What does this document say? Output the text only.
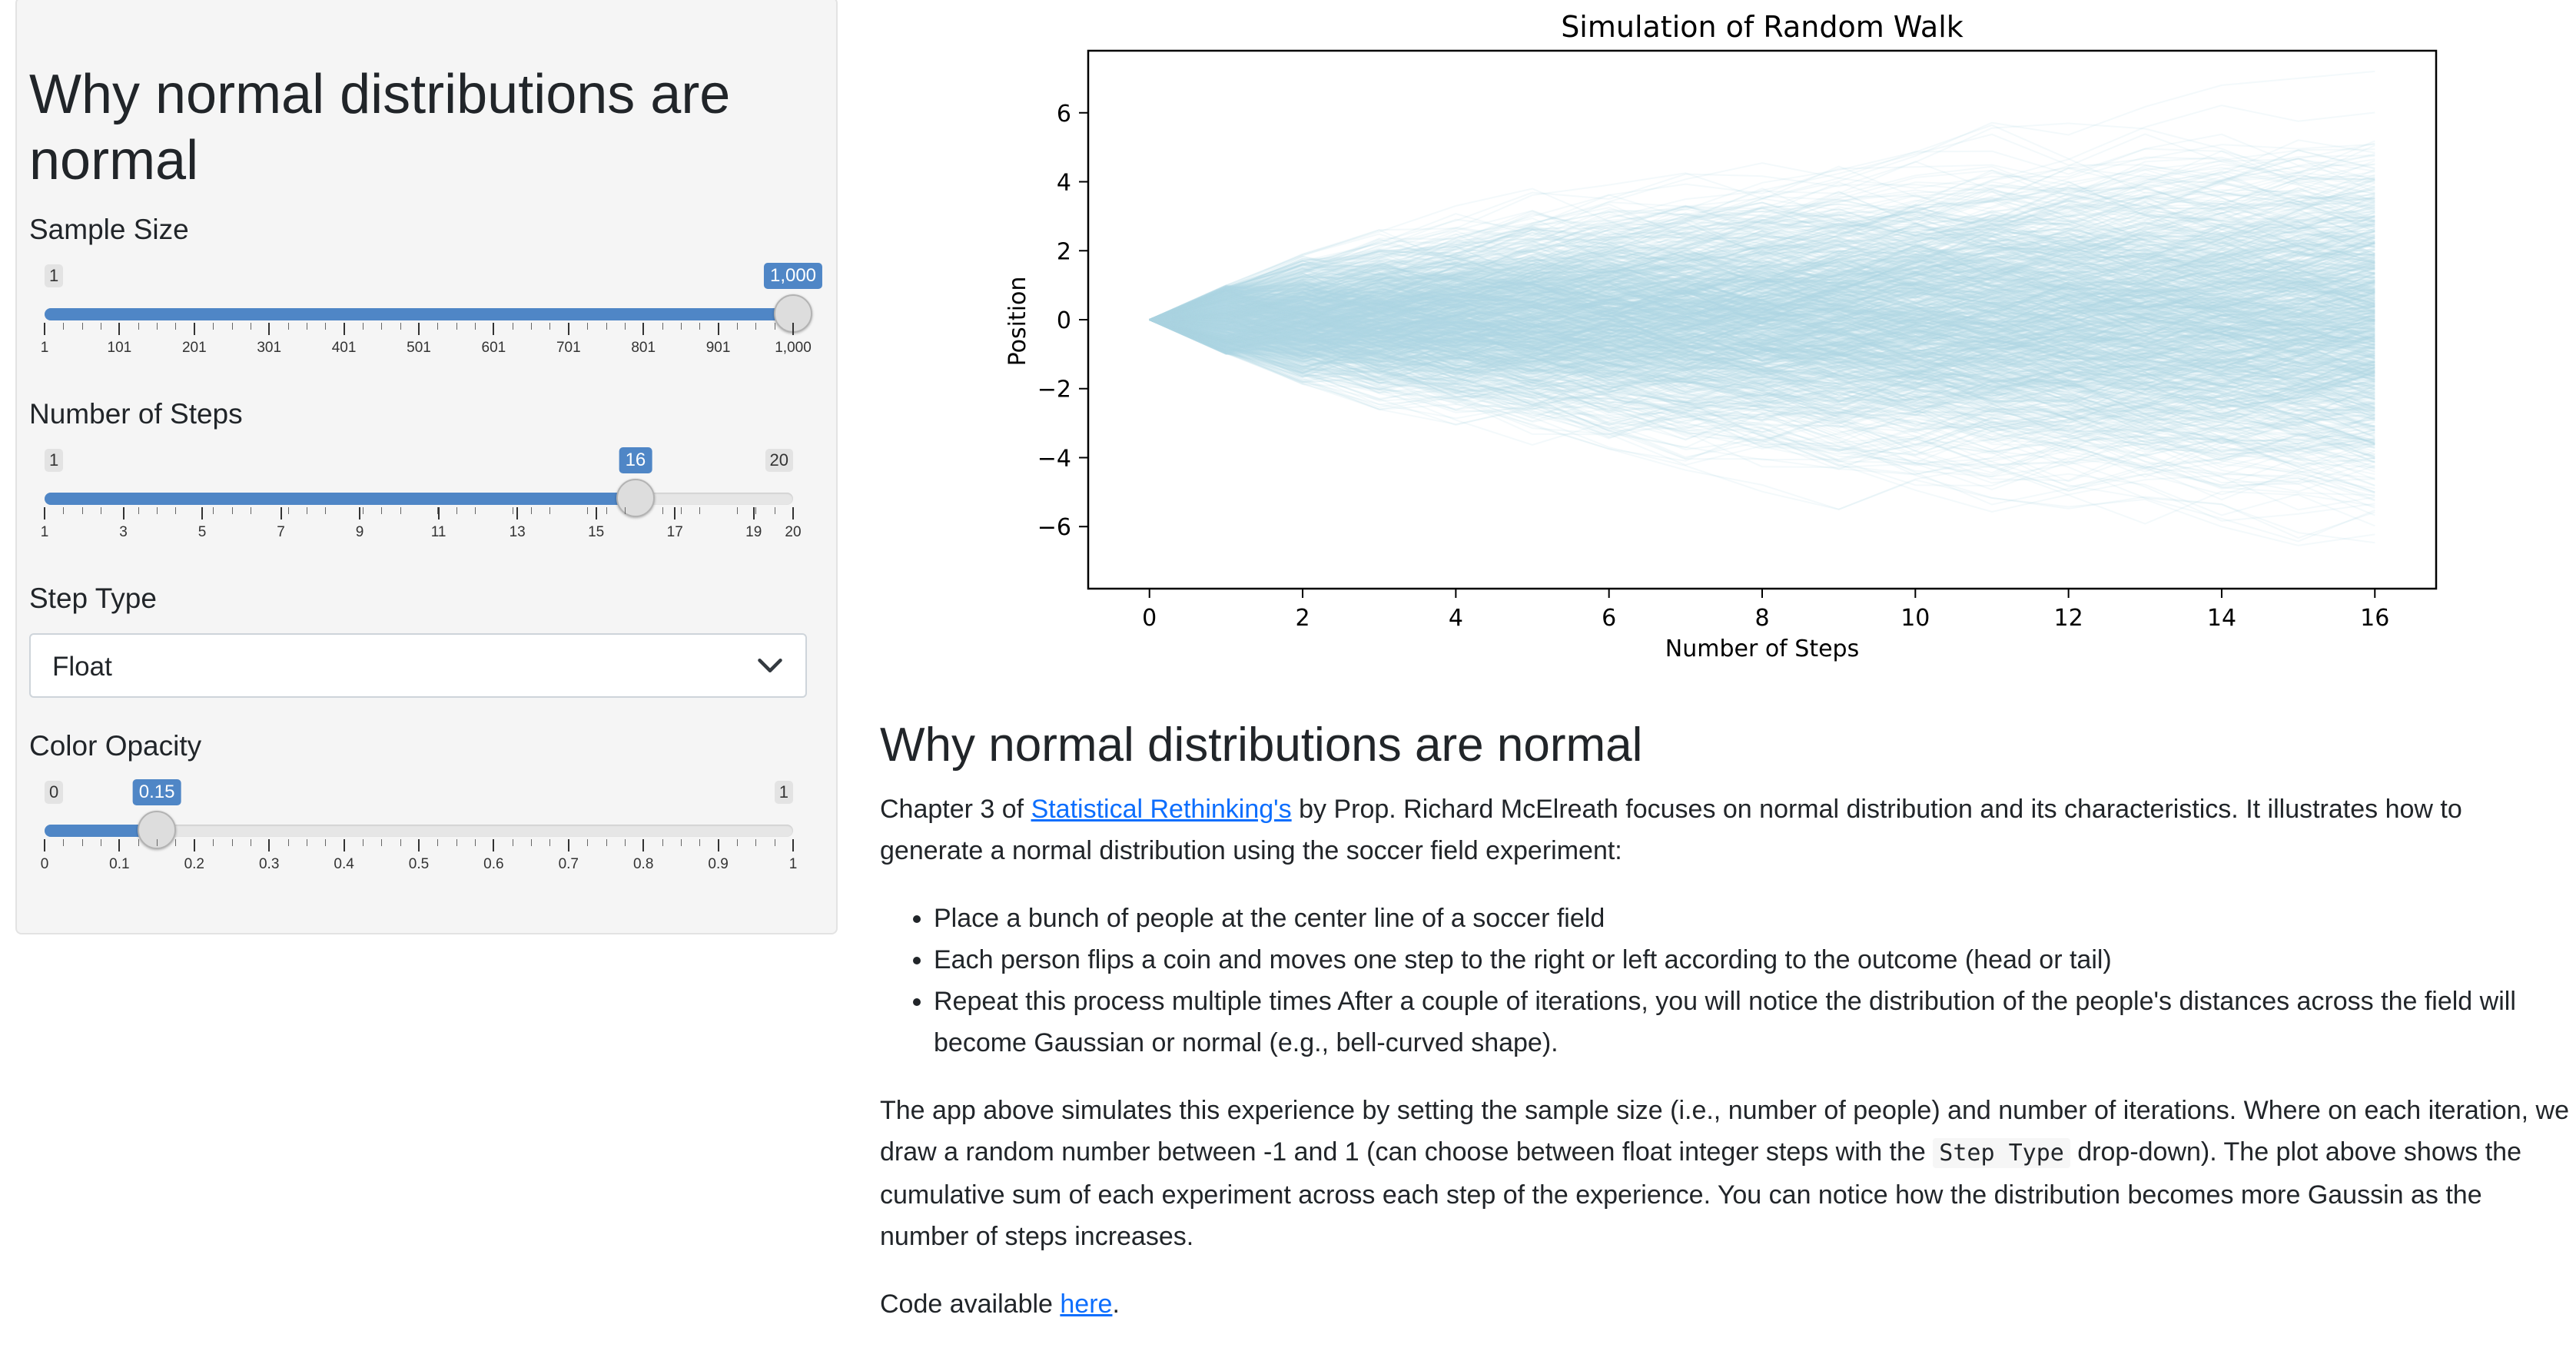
Why normal distributions are normal
Sample Size
1	1,000
1	101	201	301	401	501	601	701	801	901	1,000
Number of Steps
1	20
16
1	3	5	7	9	11	13	15	17	19 20
Step Type
Float
Color Opacity
0	1
0.15
0	0.1	0.2	0.3	0.4	0.5	0.6	0.7	0.8	0.9	1
Simulation of Random Walk
0	2	4	6	8	10	12	14	16
−6
−4
−2
0
2
4
6
Number of Steps
Position
Why normal distributions are normal

Chapter 3 of Statistical Rethinking's by Prop. Richard McElreath focuses on normal distribution and its characteristics. It illustrates how to generate a normal distribution using the soccer field experiment:

• Place a bunch of people at the center line of a soccer field
• Each person flips a coin and moves one step to the right or left according to the outcome (head or tail)
• Repeat this process multiple times After a couple of iterations, you will notice the distribution of the people's distances across the field will become Gaussian or normal (e.g., bell-curved shape).

The app above simulates this experience by setting the sample size (i.e., number of people) and number of iterations. Where on each iteration, we draw a random number between -1 and 1 (can choose between float integer steps with the Step Type drop-down). The plot above shows the cumulative sum of each experiment across each step of the experience. You can notice how the distribution becomes more Gaussin as the number of steps increases.

Code available here.
